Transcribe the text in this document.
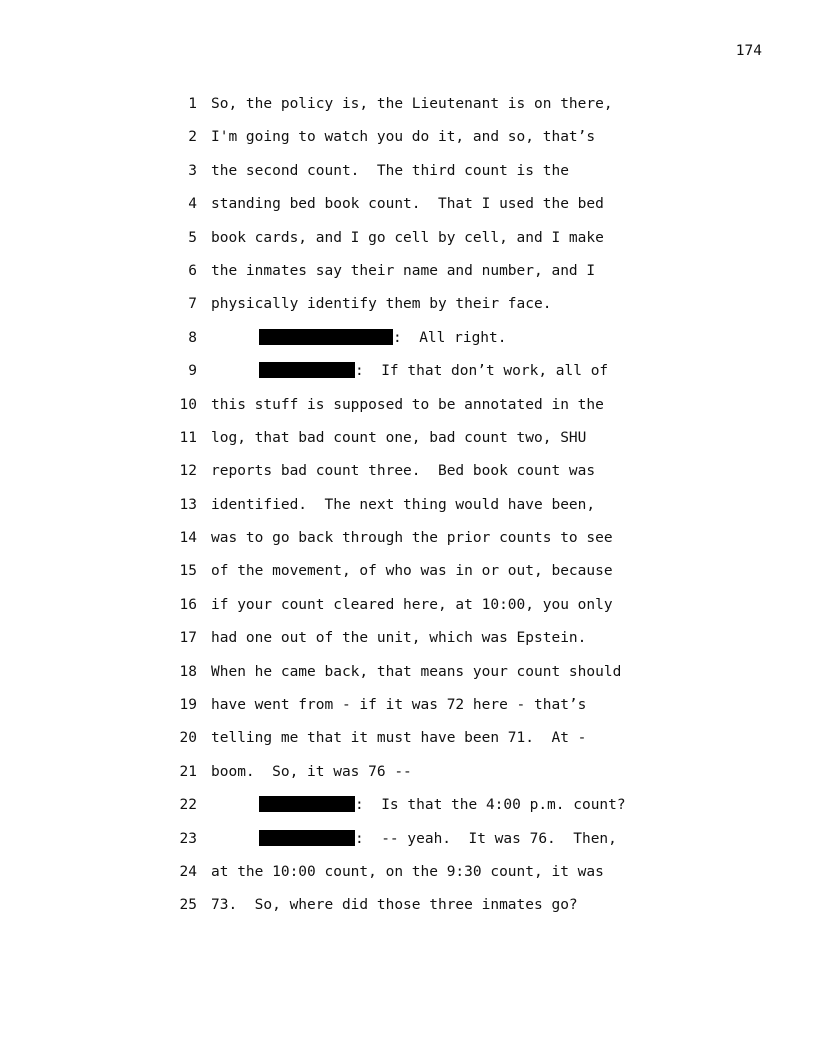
174

1

So, the policy is, the Lieutenant is on there,

2

I'm going to watch you do it, and so, that’s

3

the second count.  The third count is the

4

standing bed book count.  That I used the bed

5

book cards, and I go cell by cell, and I make

6

the inmates say their name and number, and I

7

physically identify them by their face.

8

	:  All right.

9

	:  If that don’t work, all of

10

this stuff is supposed to be annotated in the

11

log, that bad count one, bad count two, SHU

12

reports bad count three.  Bed book count was

13

identified.  The next thing would have been,

14

was to go back through the prior counts to see

15

of the movement, of who was in or out, because

16

if your count cleared here, at 10:00, you only

17

had one out of the unit, which was Epstein.

18

When he came back, that means your count should

19

have went from - if it was 72 here - that’s

20

telling me that it must have been 71.  At -

21

boom.  So, it was 76 --

22

	:  Is that the 4:00 p.m. count?

23

	:  -- yeah.  It was 76.  Then,

24

at the 10:00 count, on the 9:30 count, it was

25

73.  So, where did those three inmates go?
